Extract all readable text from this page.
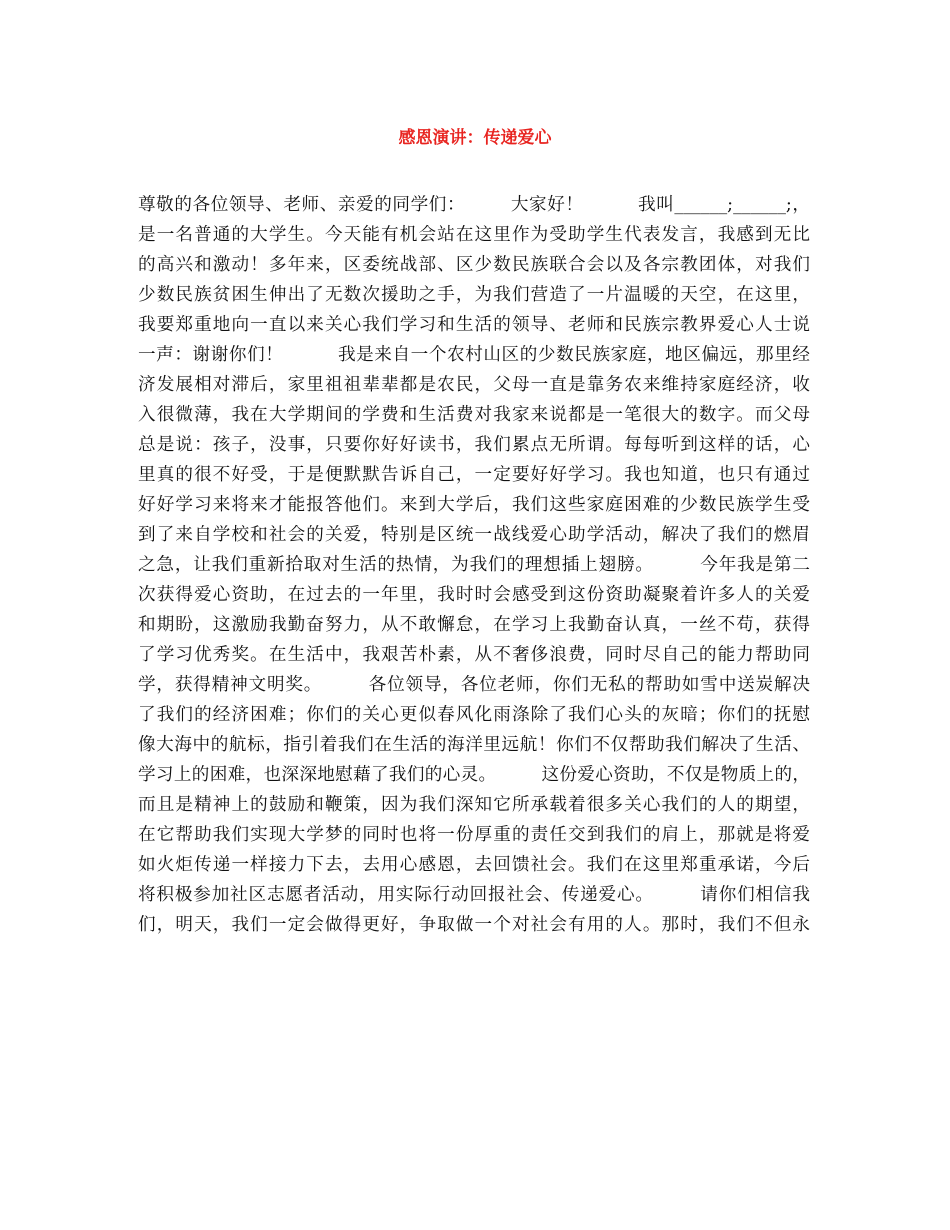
感恩演讲：传递爱心

尊敬的各位领导、老师、亲爱的同学们：　　　大家好！　　　我叫______;______;，

是一名普通的大学生。今天能有机会站在这里作为受助学生代表发言，我感到无比

的高兴和激动！多年来，区委统战部、区少数民族联合会以及各宗教团体，对我们

少数民族贫困生伸出了无数次援助之手，为我们营造了一片温暖的天空，在这里，

我要郑重地向一直以来关心我们学习和生活的领导、老师和民族宗教界爱心人士说

一声：谢谢你们！　　　我是来自一个农村山区的少数民族家庭，地区偏远，那里经

济发展相对滞后，家里祖祖辈辈都是农民，父母一直是靠务农来维持家庭经济，收

入很微薄，我在大学期间的学费和生活费对我家来说都是一笔很大的数字。而父母

总是说：孩子，没事，只要你好好读书，我们累点无所谓。每每听到这样的话，心

里真的很不好受，于是便默默告诉自己，一定要好好学习。我也知道，也只有通过

好好学习来将来才能报答他们。来到大学后，我们这些家庭困难的少数民族学生受

到了来自学校和社会的关爱，特别是区统一战线爱心助学活动，解决了我们的燃眉

之急，让我们重新拾取对生活的热情，为我们的理想插上翅膀。　　　今年我是第二

次获得爱心资助，在过去的一年里，我时时会感受到这份资助凝聚着许多人的关爱

和期盼，这激励我勤奋努力，从不敢懈怠，在学习上我勤奋认真，一丝不苟，获得

了学习优秀奖。在生活中，我艰苦朴素，从不奢侈浪费，同时尽自己的能力帮助同

学，获得精神文明奖。　　　各位领导，各位老师，你们无私的帮助如雪中送炭解决

了我们的经济困难；你们的关心更似春风化雨涤除了我们心头的灰暗；你们的抚慰

像大海中的航标，指引着我们在生活的海洋里远航！你们不仅帮助我们解决了生活、

学习上的困难，也深深地慰藉了我们的心灵。　　　这份爱心资助，不仅是物质上的，

而且是精神上的鼓励和鞭策，因为我们深知它所承载着很多关心我们的人的期望，

在它帮助我们实现大学梦的同时也将一份厚重的责任交到我们的肩上，那就是将爱

如火炬传递一样接力下去，去用心感恩，去回馈社会。我们在这里郑重承诺，今后

将积极参加社区志愿者活动，用实际行动回报社会、传递爱心。　　　请你们相信我

们，明天，我们一定会做得更好，争取做一个对社会有用的人。那时，我们不但永
